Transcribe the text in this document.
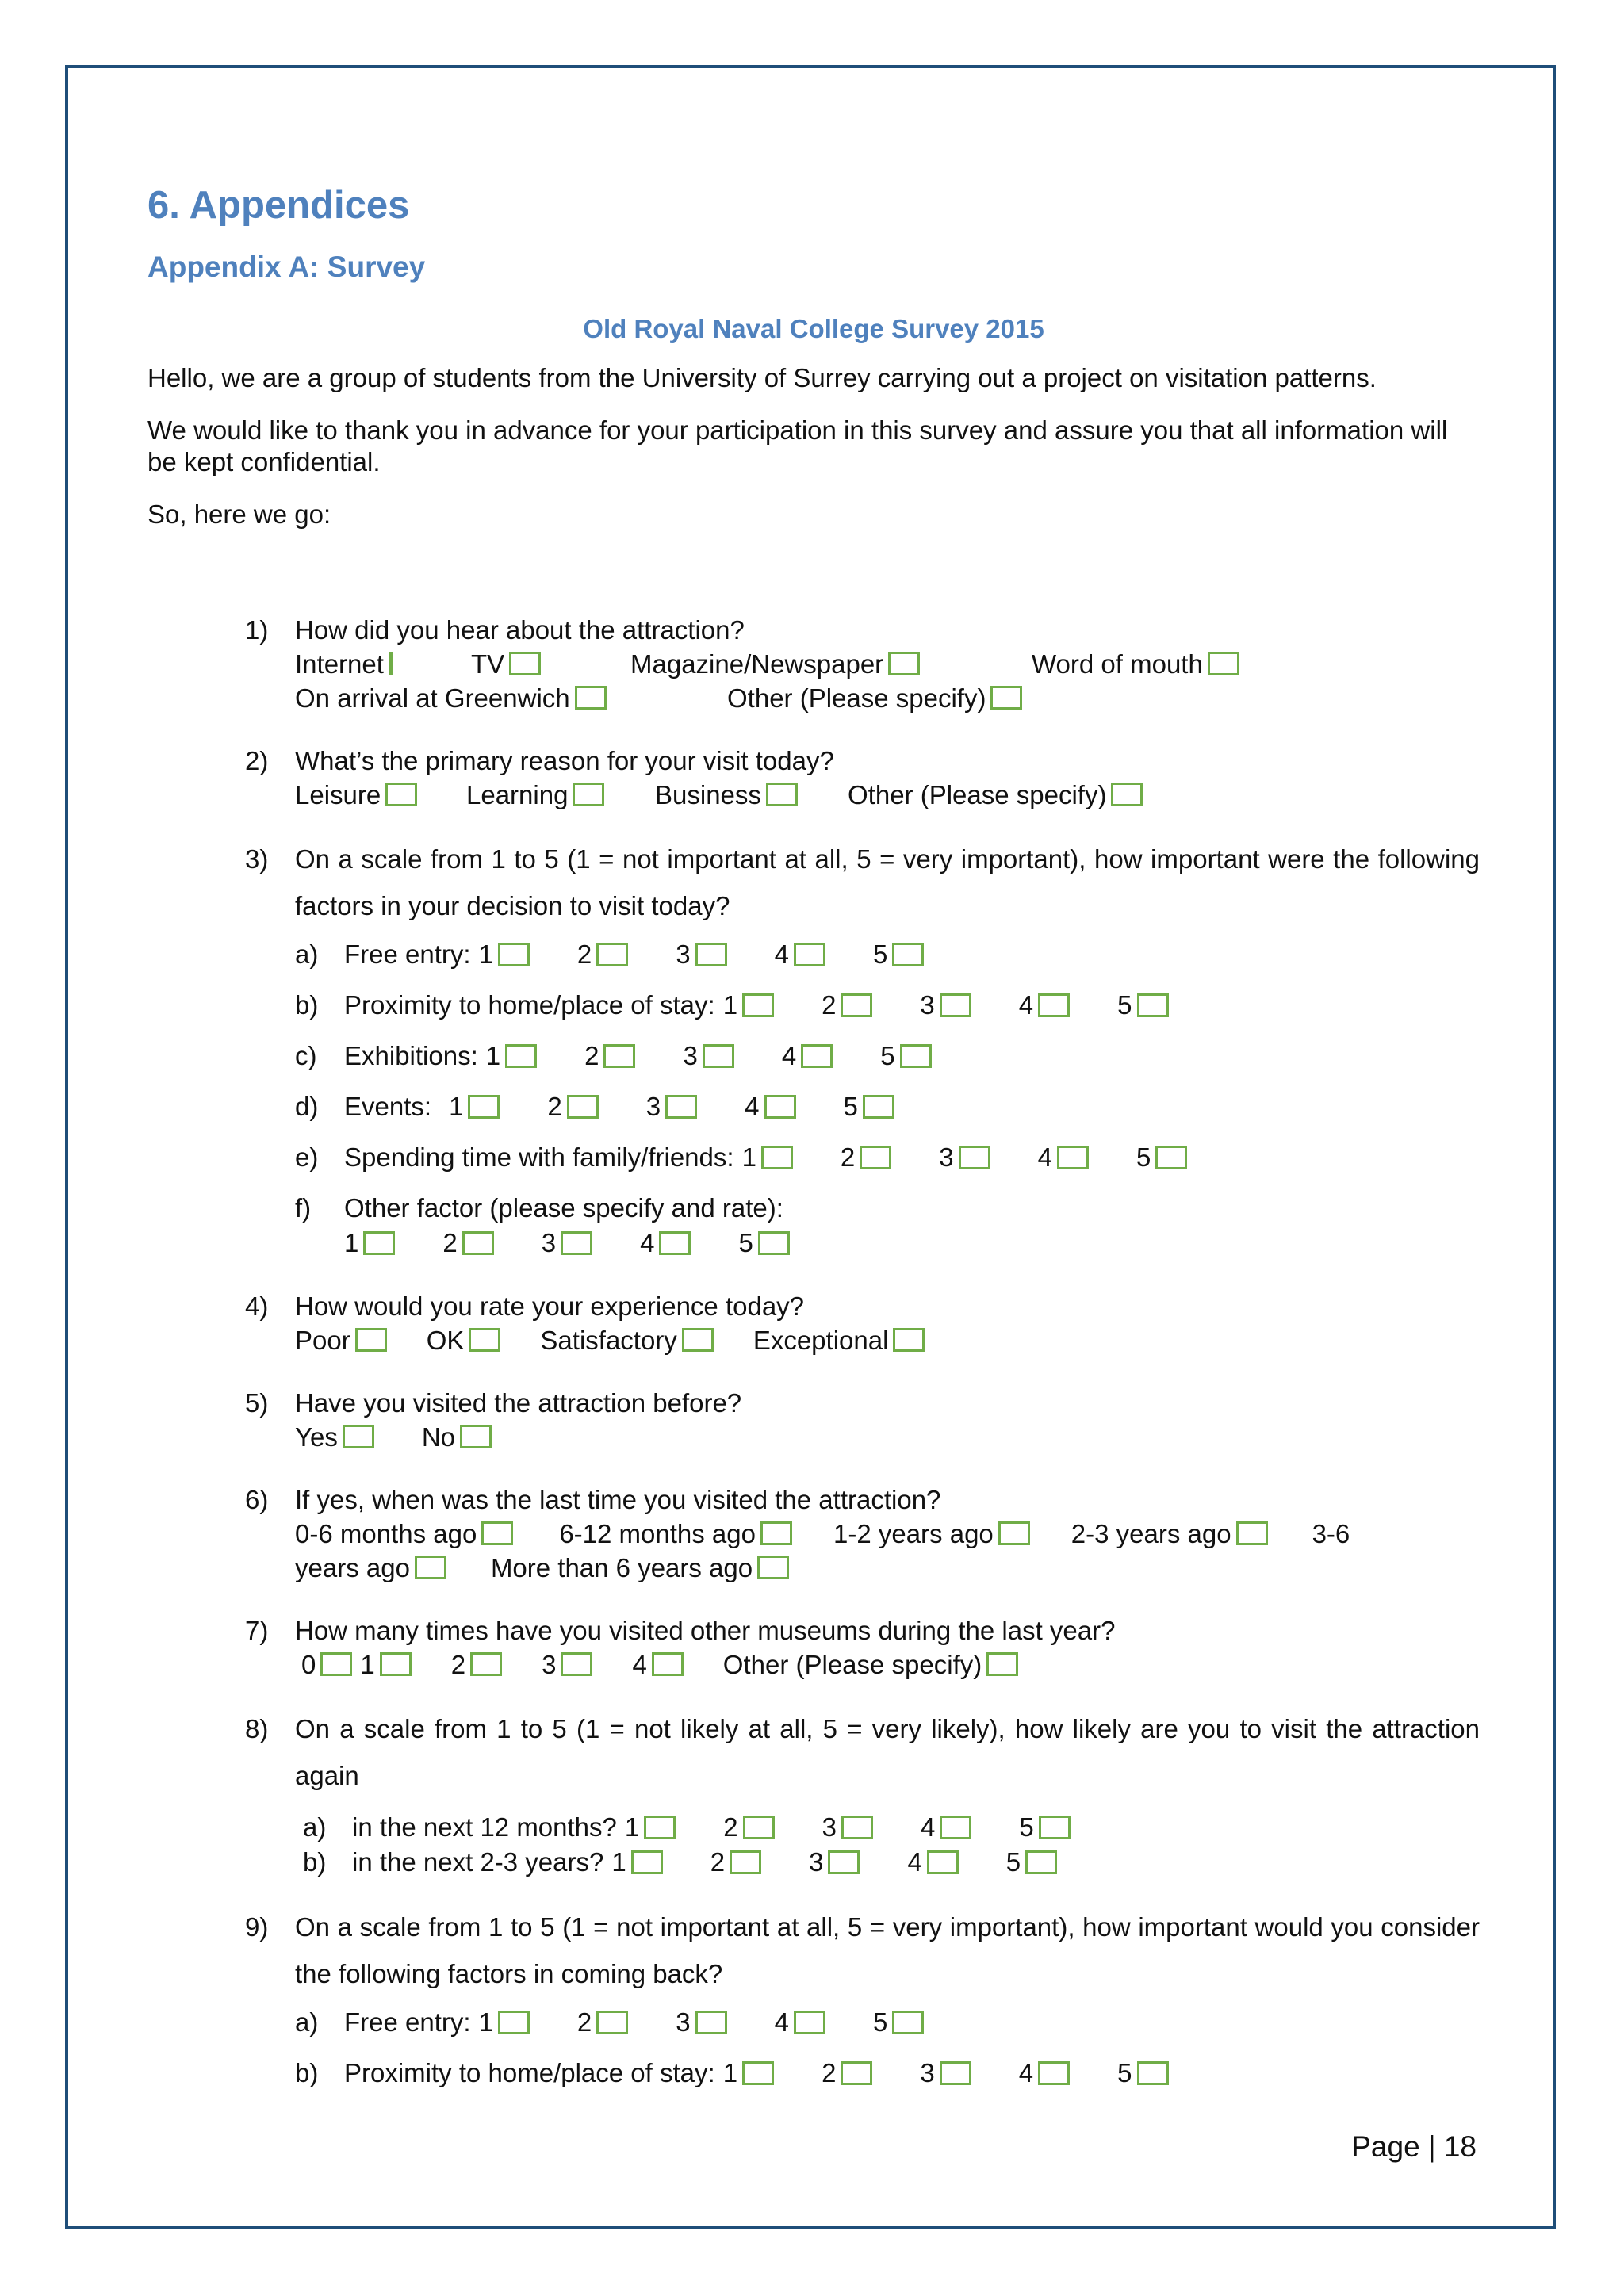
6. Appendices
Appendix A: Survey
Old Royal Naval College Survey 2015
Hello, we are a group of students from the University of Surrey carrying out a project on visitation patterns.
We would like to thank you in advance for your participation in this survey and assure you that all information will be kept confidential.
So, here we go:
1) How did you hear about the attraction?
Internet	TV	Magazine/Newspaper	Word of mouth
On arrival at Greenwich	Other (Please specify)
2) What’s the primary reason for your visit today?
Leisure	Learning	Business	Other (Please specify)
3) On a scale from 1 to 5 (1 = not important at all, 5 = very important), how important were the following factors in your decision to visit today?
a) Free entry: 1	2	3	4	5
b) Proximity to home/place of stay: 1	2	3	4	5
c)	Exhibitions: 1	2	3	4	5
d) Events: 1	2	3	4	5
e) Spending time with family/friends: 1	2	3	4	5
f)	Other factor (please specify and rate):
1	2	3	4	5
4) How would you rate your experience today?
Poor	OK	Satisfactory	Exceptional
5) Have you visited the attraction before?
Yes	No
6) If yes, when was the last time you visited the attraction?
0-6 months ago	6-12 months ago	1-2 years ago	2-3 years ago	3-6
years ago	More than 6 years ago
7) How many times have you visited other museums during the last year?
0 1	2	3	4	Other (Please specify)
8) On a scale from 1 to 5 (1 = not likely at all, 5 = very likely), how likely are you to visit the attraction again
a) in the next 12 months? 1	2	3	4	5
b) in the next 2-3 years? 1	2	3	4	5
9) On a scale from 1 to 5 (1 = not important at all, 5 = very important), how important would you consider the following factors in coming back?
a) Free entry: 1	2	3	4	5
b) Proximity to home/place of stay: 1	2	3	4	5
Page | 18
